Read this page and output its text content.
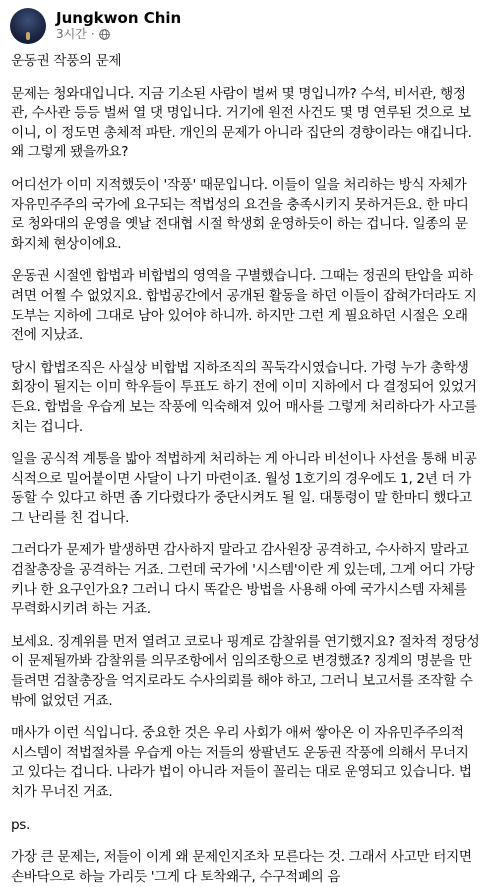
Jungkwon Chin
3시간 ·

운동권 작풍의 문제

문제는 청와대입니다. 지금 기소된 사람이 벌써 몇 명입니까? 수석, 비서관, 행정관, 수사관 등등 벌써 열 댓 명입니다. 거기에 원전 사건도 몇 명 연루된 것으로 보이니, 이 정도면 총체적 파탄. 개인의 문제가 아니라 집단의 경향이라는 얘깁니다. 왜 그렇게 됐을까요?

어디선가 이미 지적했듯이 '작풍' 때문입니다. 이들이 일을 처리하는 방식 자체가 자유민주주의 국가에 요구되는 적법성의 요건을 충족시키지 못하거든요. 한 마디로 청와대의 운영을 옛날 전대협 시절 학생회 운영하듯이 하는 겁니다. 일종의 문화지체 현상이에요.

운동권 시절엔 합법과 비합법의 영역을 구별했습니다. 그때는 정권의 탄압을 피하려면 어쩔 수 없었지요. 합법공간에서 공개된 활동을 하던 이들이 잡혀가더라도 지도부는 지하에 그대로 남아 있어야 하니까. 하지만 그런 게 필요하던 시절은 오래 전에 지났죠.

당시 합법조직은 사실상 비합법 지하조직의 꼭둑각시였습니다. 가령 누가 총학생회장이 될지는 이미 학우들이 투표도 하기 전에 이미 지하에서 다 결정되어 있었거든요. 합법을 우습게 보는 작풍에 익숙해져 있어 매사를 그렇게 처리하다가 사고를 치는 겁니다.

일을 공식적 계통을 밟아 적법하게 처리하는 게 아니라 비선이나 사선을 통해 비공식적으로 밀어붙이면 사달이 나기 마련이죠. 월성 1호기의 경우에도 1, 2년 더 가동할 수 있다고 하면 좀 기다렸다가 중단시켜도 될 일. 대통령이 말 한마디 했다고 그 난리를 친 겁니다.

그러다가 문제가 발생하면 감사하지 말라고 감사원장 공격하고, 수사하지 말라고 검찰총장을 공격하는 거죠. 그런데 국가에 '시스템'이란 게 있는데, 그게 어디 가당키나 한 요구인가요? 그러니 다시 똑같은 방법을 사용해 아예 국가시스템 자체를 무력화시키려 하는 거죠.

보세요. 징계위를 먼저 열려고 코로나 핑계로 감찰위를 연기했지요? 절차적 정당성이 문제될까봐 감찰위를 의무조항에서 임의조항으로 변경했죠? 징계의 명분을 만들려면 검찰총장을 억지로라도 수사의뢰를 해야 하고, 그러니 보고서를 조작할 수밖에 없었던 거죠.

매사가 이런 식입니다. 중요한 것은 우리 사회가 애써 쌓아온 이 자유민주주의적 시스템이 적법절차를 우습게 아는 저들의 쌍팔년도 운동권 작풍에 의해서 무너지고 있다는 겁니다. 나라가 법이 아니라 저들이 꼴리는 대로 운영되고 있습니다. 법치가 무너진 거죠.

ps.

가장 큰 문제는, 저들이 이게 왜 문제인지조차 모른다는 것. 그래서 사고만 터지면 손바닥으로 하늘 가리듯 '그게 다 토착왜구, 수구적폐의 음
